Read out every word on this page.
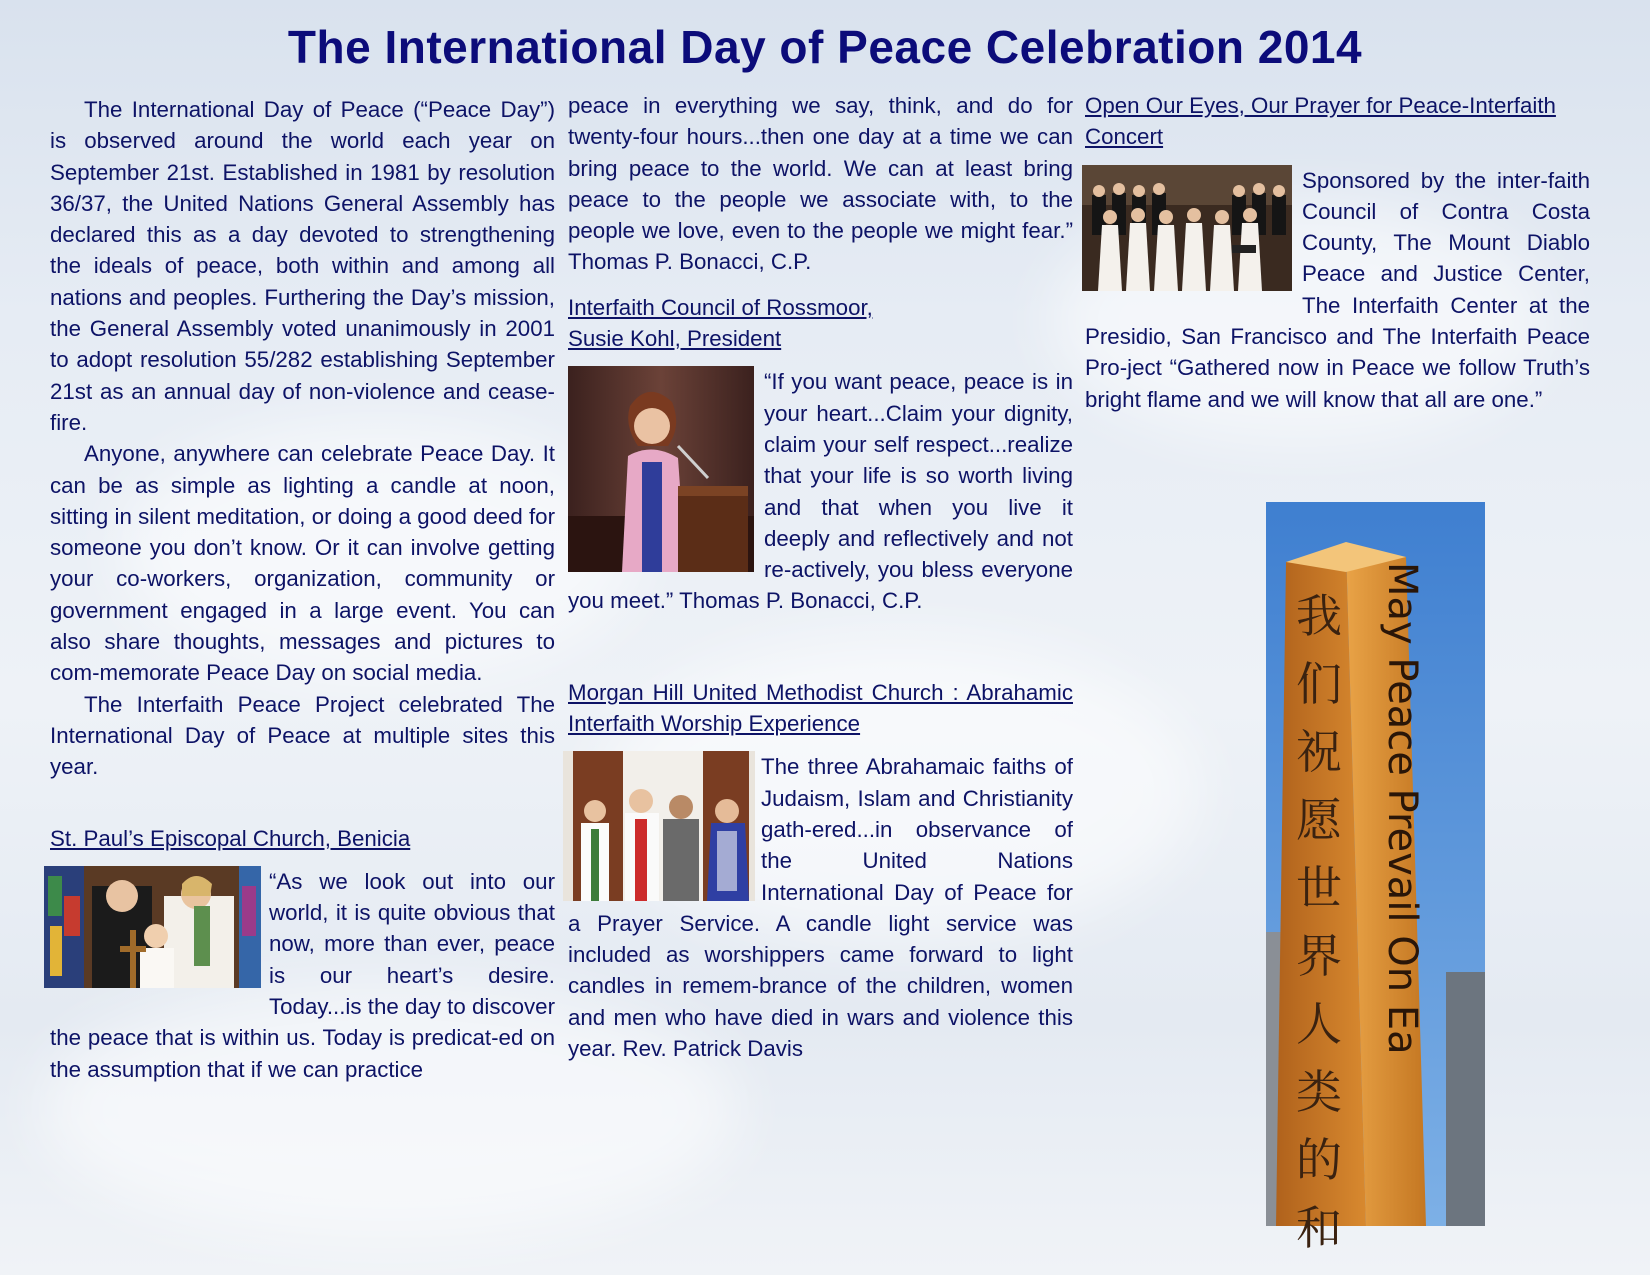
The International Day of Peace Celebration 2014

The International Day of Peace (“Peace Day”) is observed around the world each year on September 21st. Established in 1981 by resolution 36/37, the United Nations General Assembly has declared this as a day devoted to strengthening the ideals of peace, both within and among all nations and peoples. Furthering the Day’s mission, the General Assembly voted unanimously in 2001 to adopt resolution 55/282 establishing September 21st as an annual day of non-violence and cease- fire.

Anyone, anywhere can celebrate Peace Day. It can be as simple as lighting a candle at noon, sitting in silent meditation, or doing a good deed for someone you don’t know. Or it can involve getting your co-workers, organization, community or government engaged in a large event. You can also share thoughts, messages and pictures to com-memorate Peace Day on social media.

The Interfaith Peace Project celebrated The International Day of Peace at multiple sites this year.

St. Paul’s Episcopal Church, Benicia

“As we look out into our world, it is quite obvious that now, more than ever, peace is our heart’s desire. Today...is the day to discover the peace that is within us. Today is predicat-ed on the assumption that if we can practice

peace in everything we say, think, and do for twenty-four hours...then one day at a time we can bring peace to the world. We can at least bring peace to the people we associate with, to the people we love, even to the people we might fear.” Thomas P. Bonacci, C.P.

Interfaith Council of Rossmoor,

Susie Kohl, President

“If you want peace, peace is in your heart...Claim your dignity, claim your self respect...realize that your life is so worth living and that when you live it deeply and reflectively and not re-actively, you bless everyone you meet.” Thomas P. Bonacci, C.P.

Morgan Hill United Methodist Church : Abrahamic Interfaith Worship Experience

The three Abrahamaic faiths of Judaism, Islam and Christianity gath-ered...in observance of the United Nations International Day of Peace for a Prayer Service. A candle light service was included as worshippers came forward to light candles in remem-brance of the children, women and men who have died in wars and violence this year. Rev. Patrick Davis

Open Our Eyes, Our Prayer for Peace-Interfaith Concert

Sponsored by the inter-faith Council of Contra Costa County, The Mount Diablo Peace and Justice Center, The Interfaith Center at the Presidio, San Francisco and The Interfaith Peace Pro-ject “Gathered now in Peace we follow Truth’s bright flame and we will know that all are one.”

我们祝愿世界人类的和
May Peace Prevail On Ea
